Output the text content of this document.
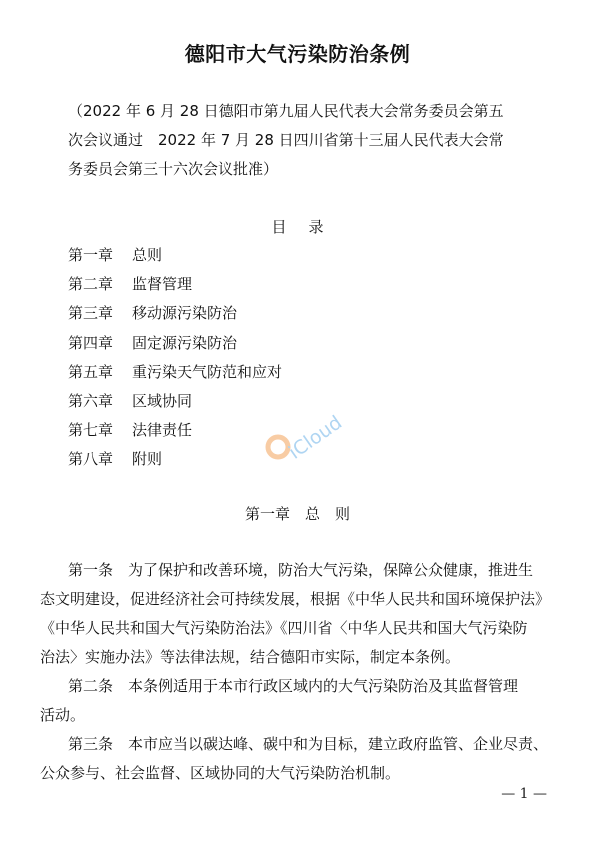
德阳市大气污染防治条例
（2022 年 6 月 28 日德阳市第九届人民代表大会常务委员会第五
次会议通过　2022 年 7 月 28 日四川省第十三届人民代表大会常
务委员会第三十六次会议批准）
目 录
第一章 总则
第二章 监督管理
第三章 移动源污染防治
第四章 固定源污染防治
第五章 重污染天气防范和应对
第六章 区域协同
第七章 法律责任
第八章 附则	iCloud
第一章　总　则
第一条　为了保护和改善环境，防治大气污染，保障公众健康，推进生
态文明建设，促进经济社会可持续发展，根据《中华人民共和国环境保护法》
《中华人民共和国大气污染防治法》《四川省〈中华人民共和国大气污染防
治法〉实施办法》等法律法规，结合德阳市实际，制定本条例。
第二条　本条例适用于本市行政区域内的大气污染防治及其监督管理
活动。
第三条　本市应当以碳达峰、碳中和为目标，建立政府监管、企业尽责、
公众参与、社会监督、区域协同的大气污染防治机制。
— 1 —
